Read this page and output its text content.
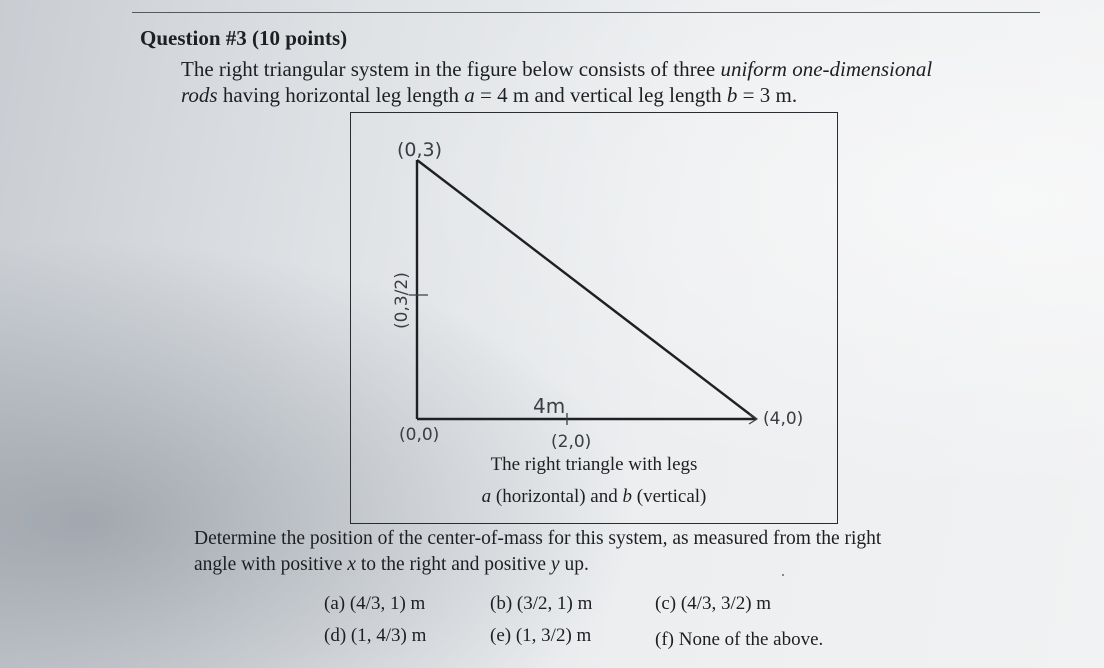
Question #3 (10 points)
The right triangular system in the figure below consists of three uniform one-dimensional
rods having horizontal leg length a = 4 m and vertical leg length b = 3 m.
(0,3)
(0,3/2)
4m
(0,0)	(2,0)
(4,0)
The right triangle with legs
a (horizontal) and b (vertical)
Determine the position of the center-of-mass for this system, as measured from the right
angle with positive x to the right and positive y up.
(a) (4/3, 1) m	(b) (3/2, 1) m	(c) (4/3, 3/2) m
(d) (1, 4/3) m	(e) (1, 3/2) m	(f) None of the above.
